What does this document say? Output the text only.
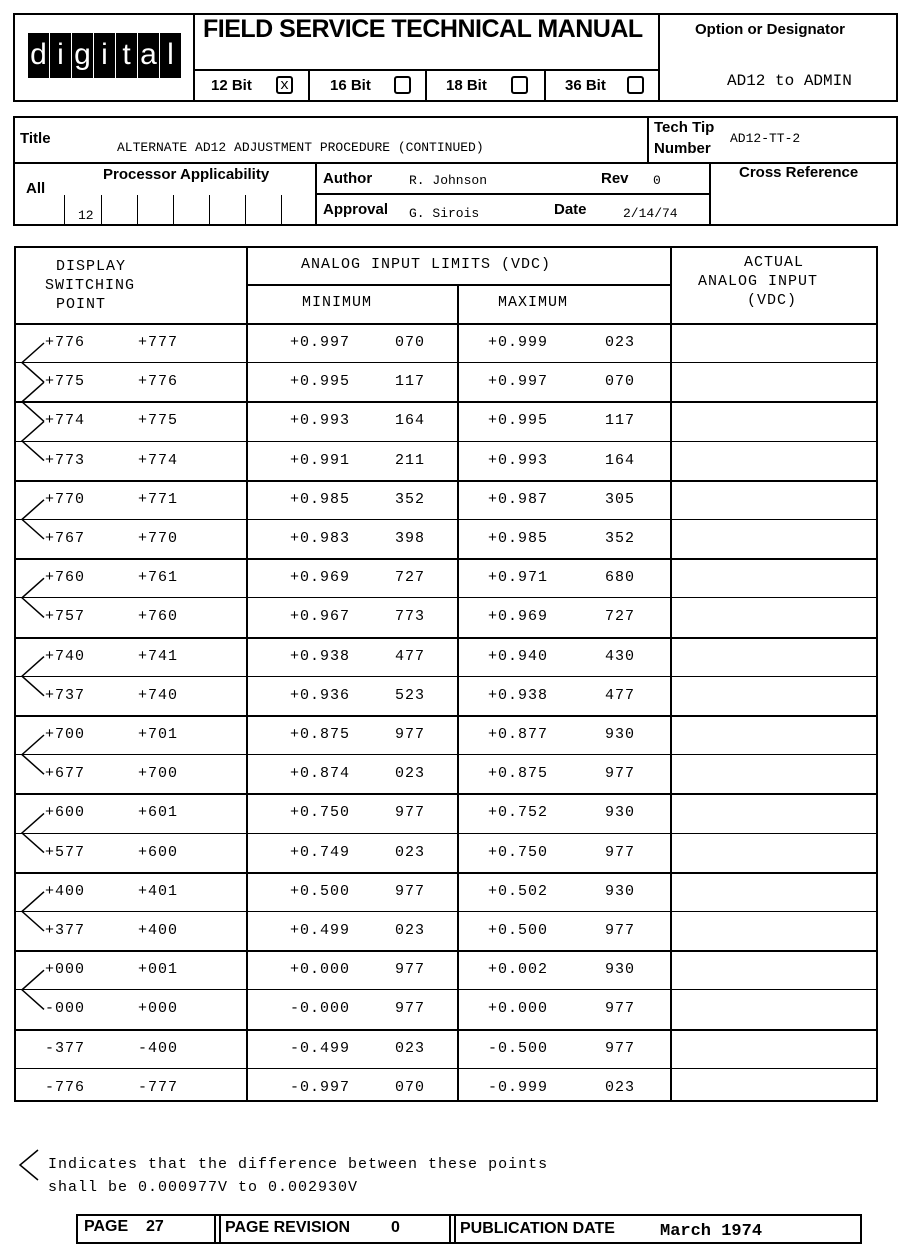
d i g i t a l
FIELD SERVICE TECHNICAL MANUAL
12 Bit x	16 Bit	18 Bit	36 Bit
Option or Designator
AD12 to ADMIN
Title
ALTERNATE AD12 ADJUSTMENT PROCEDURE (CONTINUED)
Tech Tip
Number
AD12-TT-2
All
Processor Applicability
12
Author	R. Johnson	Rev 0
Approval G. Sirois	Date	2/14/74
Cross Reference
DISPLAY
SWITCHING
POINT
ANALOG INPUT LIMITS (VDC)
MINIMUM	MAXIMUM
ACTUAL
ANALOG INPUT
(VDC)
+776	+777	+0.997	070	+0.999	023
+775	+776	+0.995	117	+0.997	070
+774	+775	+0.993	164	+0.995	117
+773	+774	+0.991	211	+0.993	164
+770	+771	+0.985	352	+0.987	305
+767	+770	+0.983	398	+0.985	352
+760	+761	+0.969	727	+0.971	680
+757	+760	+0.967	773	+0.969	727
+740	+741	+0.938	477	+0.940	430
+737	+740	+0.936	523	+0.938	477
+700	+701	+0.875	977	+0.877	930
+677	+700	+0.874	023	+0.875	977
+600	+601	+0.750	977	+0.752	930
+577	+600	+0.749	023	+0.750	977
+400	+401	+0.500	977	+0.502	930
+377	+400	+0.499	023	+0.500	977
+000	+001	+0.000	977	+0.002	930
-000	+000	-0.000	977	+0.000	977
-377	-400	-0.499	023	-0.500	977
-776	-777	-0.997	070	-0.999	023
Indicates that the difference between these points
shall be 0.000977V to 0.002930V
PAGE 27	PAGE REVISION	0	PUBLICATION DATE	March 1974
